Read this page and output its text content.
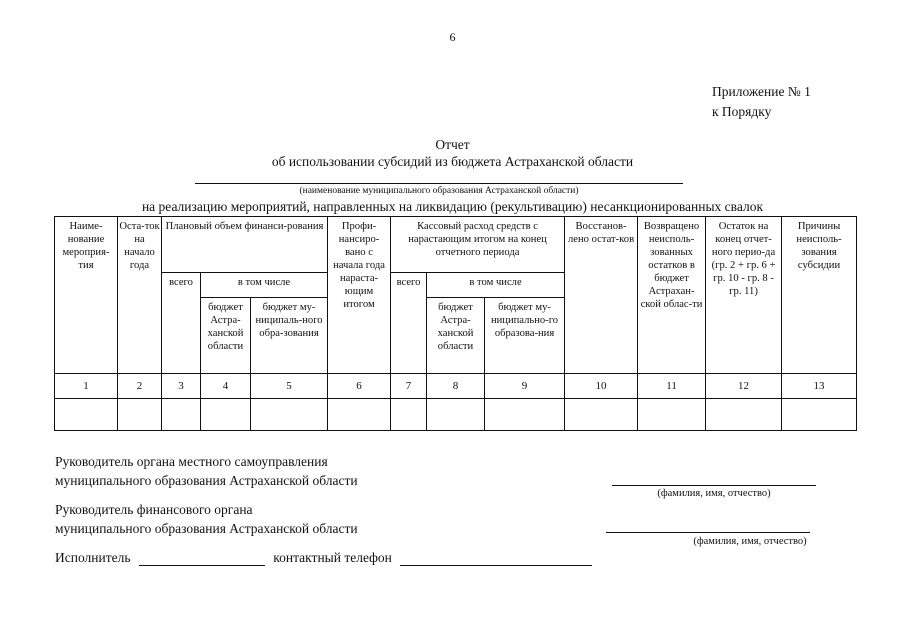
6
Приложение № 1
к Порядку
Отчет
об использовании субсидий из бюджета Астраханской области
(наименование муниципального образования Астраханской области)
на реализацию мероприятий, направленных на ликвидацию (рекультивацию) несанкционированных свалок
Наиме-нование мероприя-тия	Оста-ток на начало года	Плановый объем финанси-рования			Профи-нансиро-вано с начала года нараста-ющим итогом	Кассовый расход средств с нарастающим итогом на конец отчетного периода			Восстанов-лено остат-ков	Возвращено неисполь-зованных остатков в бюджет Астрахан-ской облас-ти	Остаток на конец отчет-ного перио-да (гр. 2 + гр. 6 + гр. 10 - гр. 8 - гр. 11)	Причины неисполь-зования субсидии
		всего	в том числе			всего	в том числе					
			бюджет Астра-ханской области	бюджет му-ниципаль-ного обра-зования			бюджет Астра-ханской области	бюджет му-ниципально-го образова-ния				
1	2	3	4	5	6	7	8	9	10	11	12	13

Руководитель органа местного самоуправления
муниципального образования Астраханской области
(фамилия, имя, отчество)
Руководитель финансового органа
муниципального образования Астраханской области
(фамилия, имя, отчество)
Исполнитель	контактный телефон
